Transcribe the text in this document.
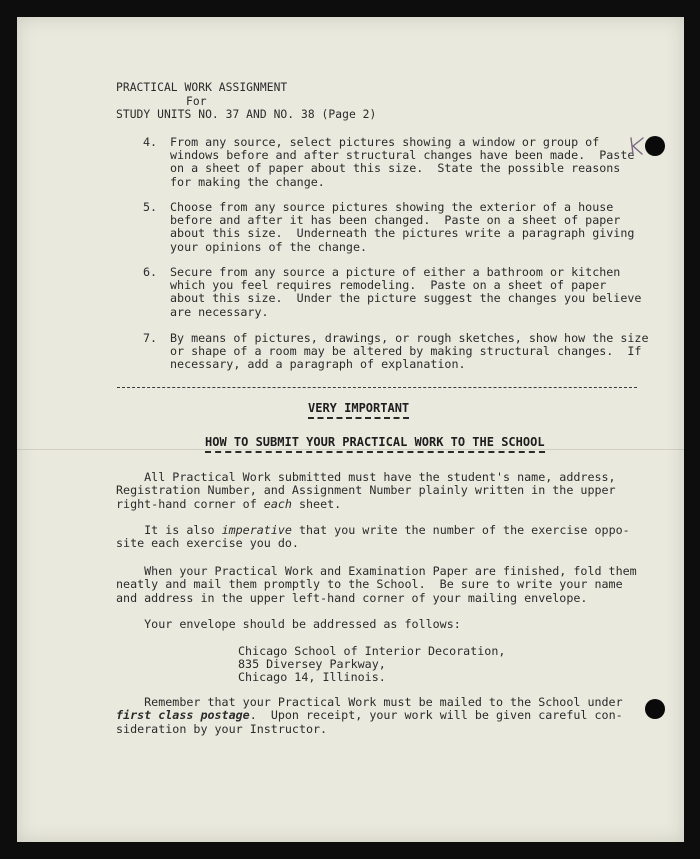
PRACTICAL WORK ASSIGNMENT
For
STUDY UNITS NO. 37 AND NO. 38 (Page 2)
4. From any source, select pictures showing a window or group of
windows before and after structural changes have been made.  Paste
on a sheet of paper about this size.  State the possible reasons
for making the change.
5. Choose from any source pictures showing the exterior of a house
before and after it has been changed.  Paste on a sheet of paper
about this size.  Underneath the pictures write a paragraph giving
your opinions of the change.
6. Secure from any source a picture of either a bathroom or kitchen
which you feel requires remodeling.  Paste on a sheet of paper
about this size.  Under the picture suggest the changes you believe
are necessary.
7. By means of pictures, drawings, or rough sketches, show how the size
or shape of a room may be altered by making structural changes.  If
necessary, add a paragraph of explanation.
VERY IMPORTANT
HOW TO SUBMIT YOUR PRACTICAL WORK TO THE SCHOOL
All Practical Work submitted must have the student's name, address,
Registration Number, and Assignment Number plainly written in the upper
right-hand corner of each sheet.
It is also imperative that you write the number of the exercise oppo-
site each exercise you do.
When your Practical Work and Examination Paper are finished, fold them
neatly and mail them promptly to the School.  Be sure to write your name
and address in the upper left-hand corner of your mailing envelope.
Your envelope should be addressed as follows:
Chicago School of Interior Decoration,
835 Diversey Parkway,
Chicago 14, Illinois.
Remember that your Practical Work must be mailed to the School under
first class postage.  Upon receipt, your work will be given careful con-
sideration by your Instructor.
